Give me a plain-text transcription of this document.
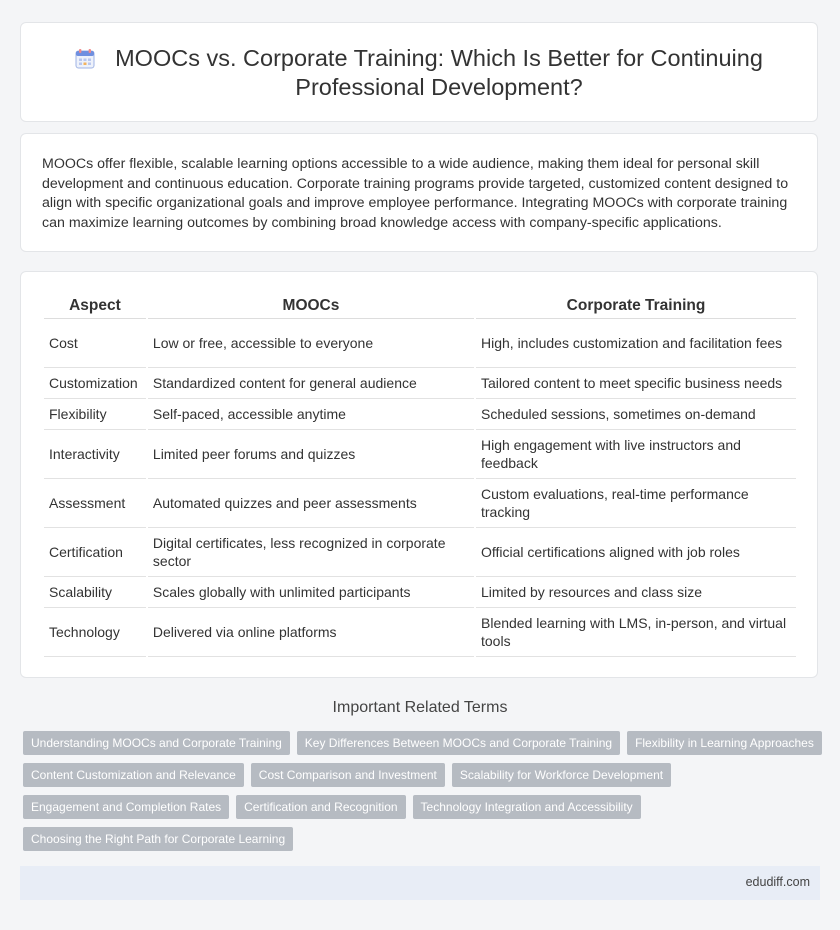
MOOCs vs. Corporate Training: Which Is Better for Continuing Professional Development?
MOOCs offer flexible, scalable learning options accessible to a wide audience, making them ideal for personal skill development and continuous education. Corporate training programs provide targeted, customized content designed to align with specific organizational goals and improve employee performance. Integrating MOOCs with corporate training can maximize learning outcomes by combining broad knowledge access with company-specific applications.
Aspect	MOOCs	Corporate Training
Cost	Low or free, accessible to everyone	High, includes customization and facilitation fees
Customization	Standardized content for general audience	Tailored content to meet specific business needs
Flexibility	Self-paced, accessible anytime	Scheduled sessions, sometimes on-demand
Interactivity	Limited peer forums and quizzes	High engagement with live instructors and feedback
Assessment	Automated quizzes and peer assessments	Custom evaluations, real-time performance tracking
Certification	Digital certificates, less recognized in corporate sector	Official certifications aligned with job roles
Scalability	Scales globally with unlimited participants	Limited by resources and class size
Technology	Delivered via online platforms	Blended learning with LMS, in-person, and virtual tools
Important Related Terms
Understanding MOOCs and Corporate Training	Key Differences Between MOOCs and Corporate Training	Flexibility in Learning Approaches
Content Customization and Relevance	Cost Comparison and Investment	Scalability for Workforce Development
Engagement and Completion Rates	Certification and Recognition	Technology Integration and Accessibility
Choosing the Right Path for Corporate Learning
edudiff.com
